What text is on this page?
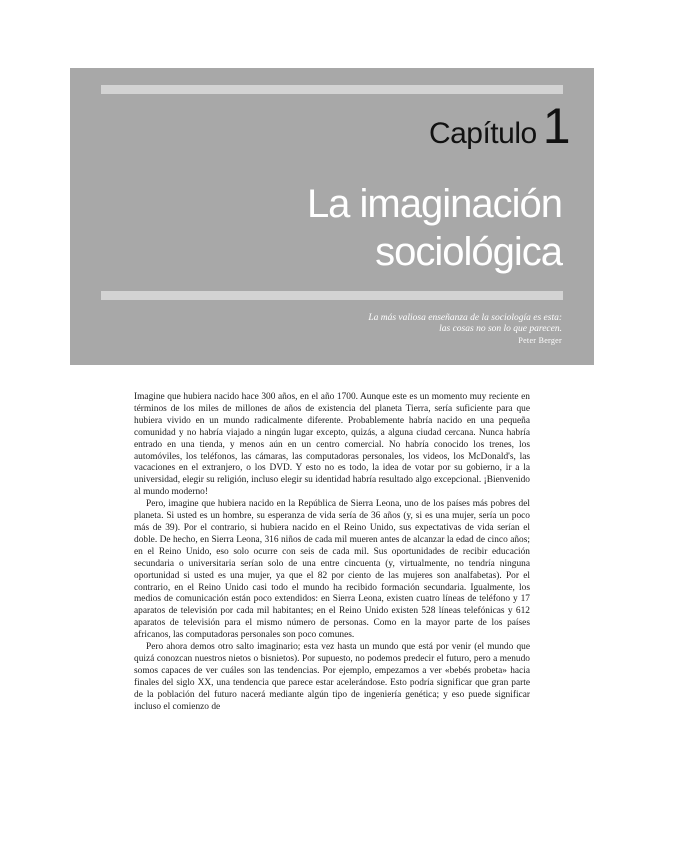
Capítulo 1
La imaginación
sociológica
La más valiosa enseñanza de la sociología es esta:
las cosas no son lo que parecen.
Peter Berger

Imagine que hubiera nacido hace 300 años, en el año 1700. Aunque este es un momento muy reciente en términos de los miles de millones de años de existencia del planeta Tierra, sería suficiente para que hubiera vivido en un mundo radicalmente diferente. Probablemente habría nacido en una pequeña comunidad y no habría viajado a ningún lugar excepto, quizás, a alguna ciudad cercana. Nunca habría entrado en una tienda, y menos aún en un centro comercial. No habría conocido los trenes, los automóviles, los teléfonos, las cámaras, las computadoras personales, los videos, los McDonald's, las vacaciones en el extranjero, o los DVD. Y esto no es todo, la idea de votar por su gobierno, ir a la universidad, elegir su religión, incluso elegir su identidad habría resultado algo excepcional. ¡Bienvenido al mundo moderno!

Pero, imagine que hubiera nacido en la República de Sierra Leona, uno de los países más pobres del planeta. Si usted es un hombre, su esperanza de vida sería de 36 años (y, si es una mujer, sería un poco más de 39). Por el contrario, si hubiera nacido en el Reino Unido, sus expectativas de vida serían el doble. De hecho, en Sierra Leona, 316 niños de cada mil mueren antes de alcanzar la edad de cinco años; en el Reino Unido, eso solo ocurre con seis de cada mil. Sus oportunidades de recibir educación secundaria o universitaria serían solo de una entre cincuenta (y, virtualmente, no tendría ninguna oportunidad si usted es una mujer, ya que el 82 por ciento de las mujeres son analfabetas). Por el contrario, en el Reino Unido casi todo el mundo ha recibido formación secundaria. Igualmente, los medios de comunicación están poco extendidos: en Sierra Leona, existen cuatro líneas de teléfono y 17 aparatos de televisión por cada mil habitantes; en el Reino Unido existen 528 líneas telefónicas y 612 aparatos de televisión para el mismo número de personas. Como en la mayor parte de los países africanos, las computadoras personales son poco comunes.

Pero ahora demos otro salto imaginario; esta vez hasta un mundo que está por venir (el mundo que quizá conozcan nuestros nietos o bisnietos). Por supuesto, no podemos predecir el futuro, pero a menudo somos capaces de ver cuáles son las tendencias. Por ejemplo, empezamos a ver «bebés probeta» hacia finales del siglo XX, una tendencia que parece estar acelerándose. Esto podría significar que gran parte de la población del futuro nacerá mediante algún tipo de ingeniería genética; y eso puede significar incluso el comienzo de
